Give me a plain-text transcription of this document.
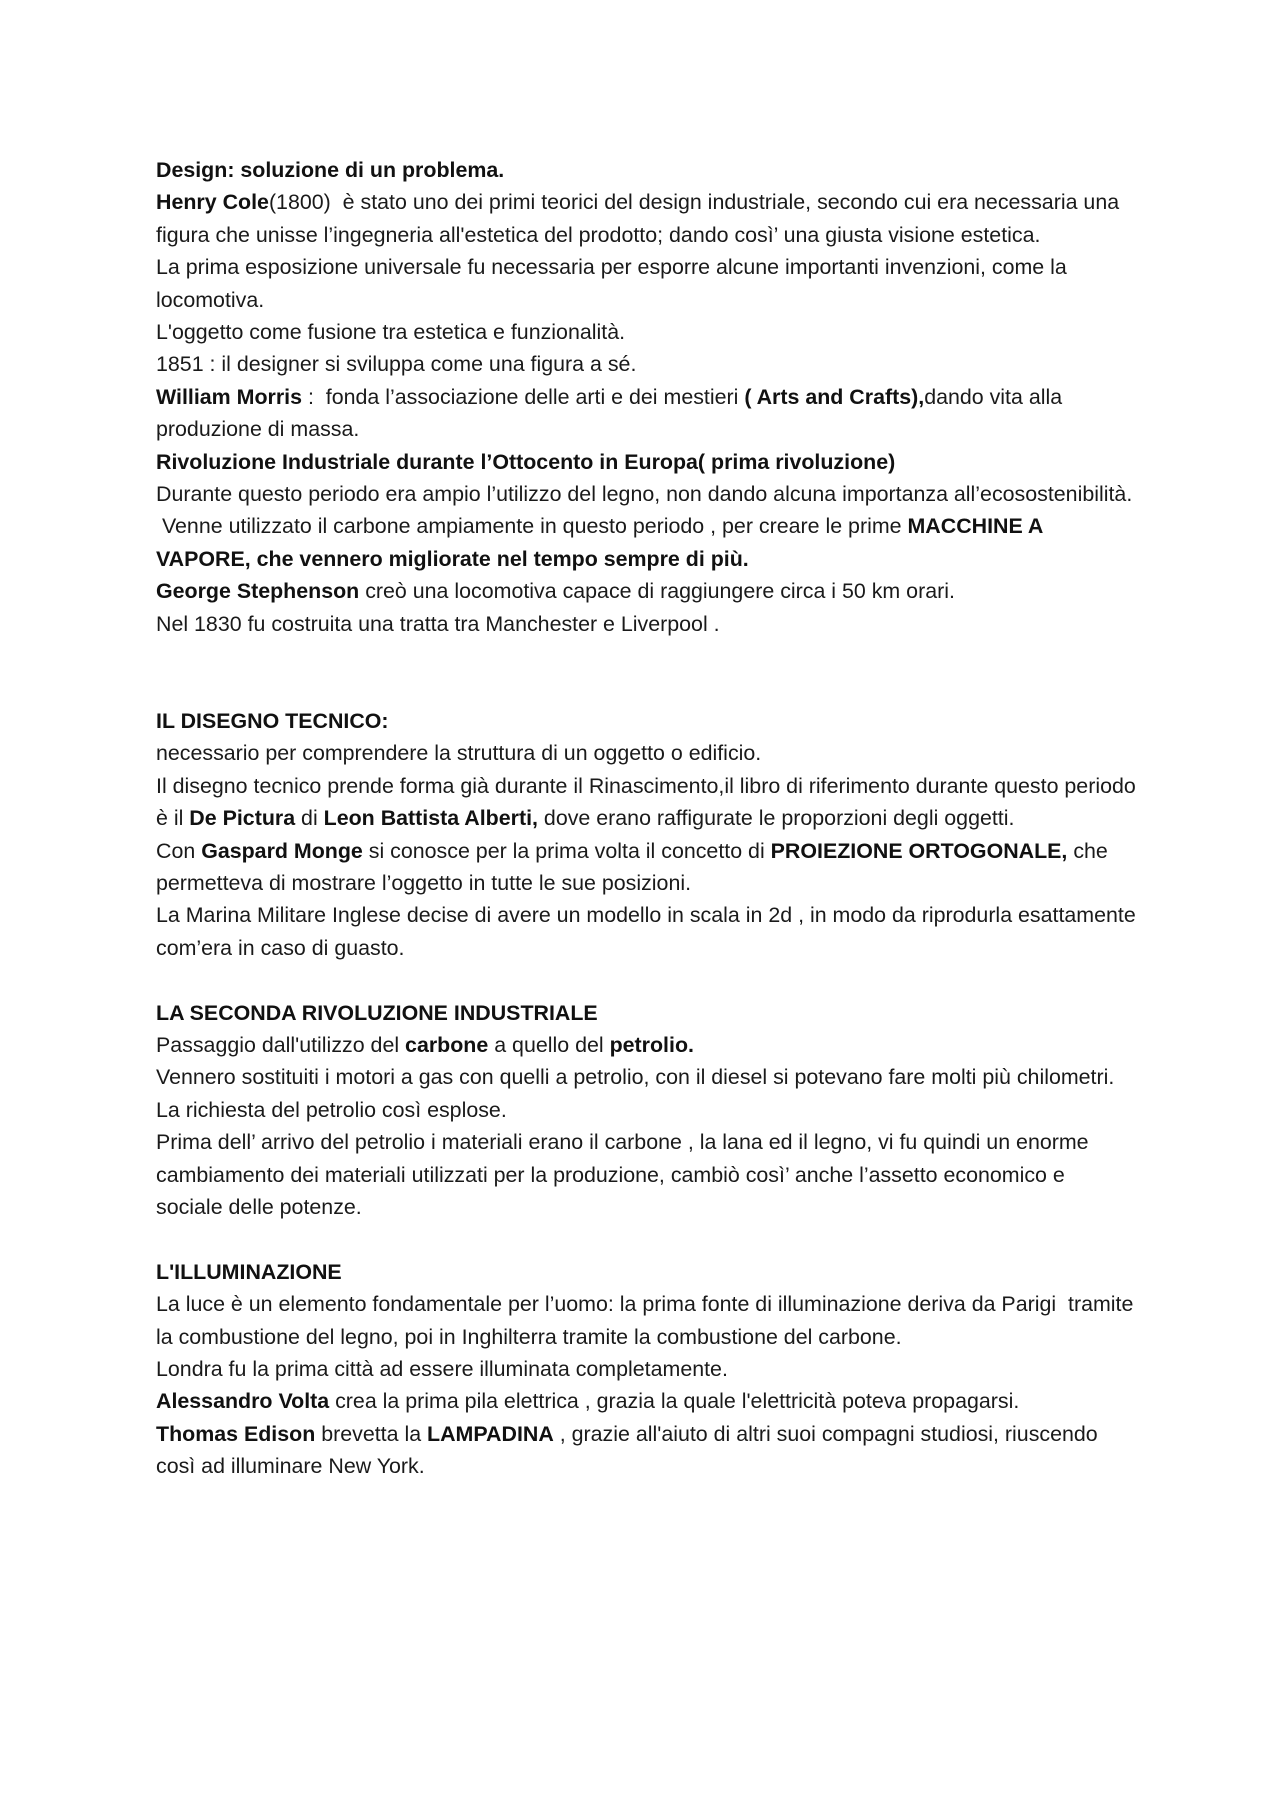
Design: soluzione di un problema.

Henry Cole(1800)  è stato uno dei primi teorici del design industriale, secondo cui era necessaria una figura che unisse l’ingegneria all'estetica del prodotto; dando così’ una giusta visione estetica.

La prima esposizione universale fu necessaria per esporre alcune importanti invenzioni, come la locomotiva.

L'oggetto come fusione tra estetica e funzionalità.

1851 : il designer si sviluppa come una figura a sé.

William Morris :  fonda l’associazione delle arti e dei mestieri ( Arts and Crafts),dando vita alla produzione di massa.

Rivoluzione Industriale durante l’Ottocento in Europa( prima rivoluzione)

Durante questo periodo era ampio l’utilizzo del legno, non dando alcuna importanza all’ecosostenibilità.

Venne utilizzato il carbone ampiamente in questo periodo , per creare le prime MACCHINE A VAPORE, che vennero migliorate nel tempo sempre di più.

George Stephenson creò una locomotiva capace di raggiungere circa i 50 km orari.

Nel 1830 fu costruita una tratta tra Manchester e Liverpool .

IL DISEGNO TECNICO:

necessario per comprendere la struttura di un oggetto o edificio.

Il disegno tecnico prende forma già durante il Rinascimento,il libro di riferimento durante questo periodo è il De Pictura di Leon Battista Alberti, dove erano raffigurate le proporzioni degli oggetti.

Con Gaspard Monge si conosce per la prima volta il concetto di PROIEZIONE ORTOGONALE, che permetteva di mostrare l’oggetto in tutte le sue posizioni.

La Marina Militare Inglese decise di avere un modello in scala in 2d , in modo da riprodurla esattamente com’era in caso di guasto.

LA SECONDA RIVOLUZIONE INDUSTRIALE

Passaggio dall'utilizzo del carbone a quello del petrolio.

Vennero sostituiti i motori a gas con quelli a petrolio, con il diesel si potevano fare molti più chilometri.

La richiesta del petrolio così esplose.

Prima dell’ arrivo del petrolio i materiali erano il carbone , la lana ed il legno, vi fu quindi un enorme cambiamento dei materiali utilizzati per la produzione, cambiò così’ anche l’assetto economico e sociale delle potenze.

L'ILLUMINAZIONE

La luce è un elemento fondamentale per l’uomo: la prima fonte di illuminazione deriva da Parigi  tramite la combustione del legno, poi in Inghilterra tramite la combustione del carbone.

Londra fu la prima città ad essere illuminata completamente.

Alessandro Volta crea la prima pila elettrica , grazia la quale l'elettricità poteva propagarsi.

Thomas Edison brevetta la LAMPADINA , grazie all'aiuto di altri suoi compagni studiosi, riuscendo così ad illuminare New York.
